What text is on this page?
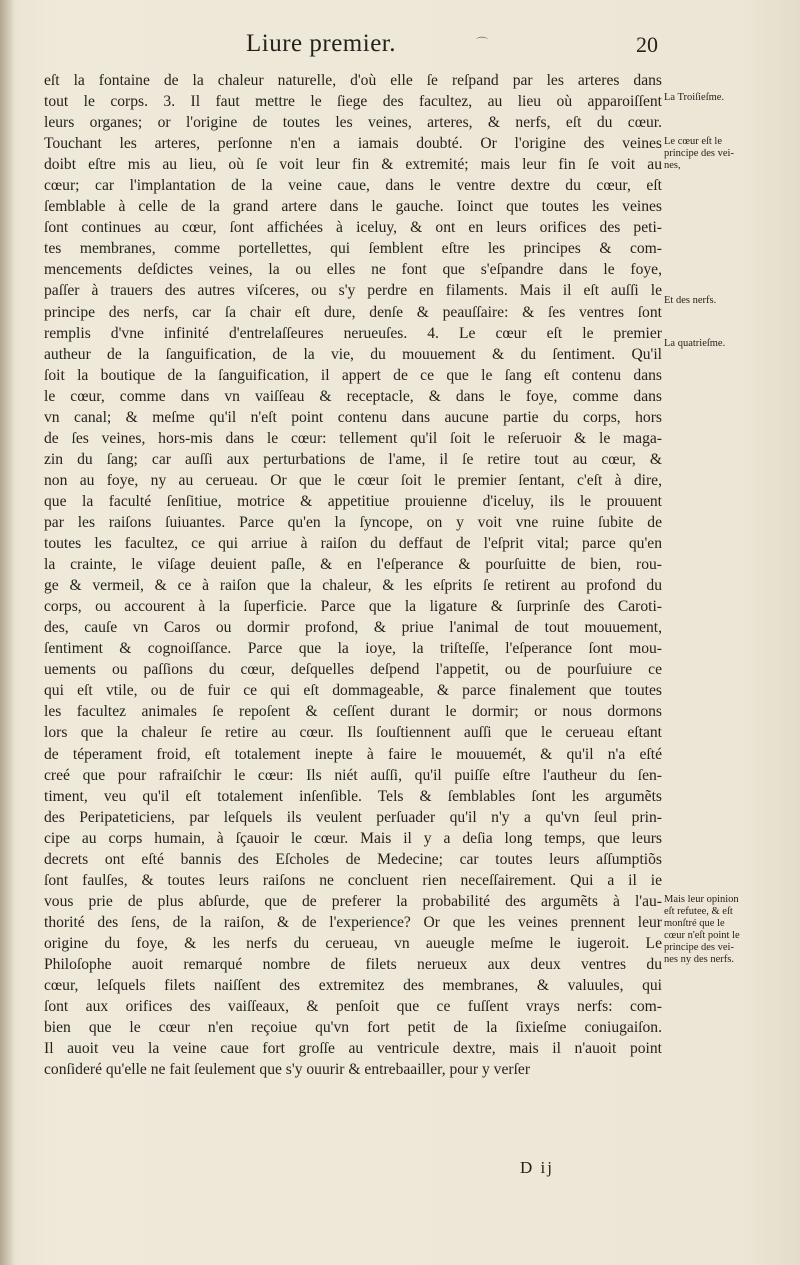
Liure premier.	20
eſt la fontaine de la chaleur naturelle, d'où elle ſe reſpand par les arteres dans
tout le corps. 3. Il faut mettre le ſiege des facultez, au lieu où apparoiſſent
leurs organes; or l'origine de toutes les veines, arteres, & nerfs, eſt du cœur.
Touchant les arteres, perſonne n'en a iamais doubté. Or l'origine des veines
doibt eſtre mis au lieu, où ſe voit leur fin & extremité; mais leur fin ſe voit au
cœur; car l'implantation de la veine caue, dans le ventre dextre du cœur, eſt
ſemblable à celle de la grand artere dans le gauche. Ioinct que toutes les veines
ſont continues au cœur, ſont affichées à iceluy, & ont en leurs orifices des peti-
tes membranes, comme portellettes, qui ſemblent eſtre les principes & com-
mencements deſdictes veines, la ou elles ne font que s'eſpandre dans le foye,
paſſer à trauers des autres viſceres, ou s'y perdre en filaments. Mais il eſt auſſi le
principe des nerfs, car ſa chair eſt dure, denſe & peauſſaire: & ſes ventres ſont
remplis d'vne infinité d'entrelaſſeures nerueuſes. 4. Le cœur eſt le premier
autheur de la ſanguification, de la vie, du mouuement & du ſentiment. Qu'il
ſoit la boutique de la ſanguification, il appert de ce que le ſang eſt contenu dans
le cœur, comme dans vn vaiſſeau & receptacle, & dans le foye, comme dans
vn canal; & meſme qu'il n'eſt point contenu dans aucune partie du corps, hors
de ſes veines, hors-mis dans le cœur: tellement qu'il ſoit le reſeruoir & le maga-
zin du ſang; car auſſi aux perturbations de l'ame, il ſe retire tout au cœur, &
non au foye, ny au cerueau. Or que le cœur ſoit le premier ſentant, c'eſt à dire,
que la faculté ſenſitiue, motrice & appetitiue prouienne d'iceluy, ils le prouuent
par les raiſons ſuiuantes. Parce qu'en la ſyncope, on y voit vne ruine ſubite de
toutes les facultez, ce qui arriue à raiſon du deffaut de l'eſprit vital; parce qu'en
la crainte, le viſage deuient paſle, & en l'eſperance & pourſuitte de bien, rou-
ge & vermeil, & ce à raiſon que la chaleur, & les eſprits ſe retirent au profond du
corps, ou accourent à la ſuperficie. Parce que la ligature & ſurprinſe des Caroti-
des, cauſe vn Caros ou dormir profond, & priue l'animal de tout mouuement,
ſentiment & cognoiſſance. Parce que la ioye, la triſteſſe, l'eſperance ſont mou-
uements ou paſſions du cœur, deſquelles deſpend l'appetit, ou de pourſuiure ce
qui eſt vtile, ou de fuir ce qui eſt dommageable, & parce finalement que toutes
les facultez animales ſe repoſent & ceſſent durant le dormir; or nous dormons
lors que la chaleur ſe retire au cœur. Ils ſouſtiennent auſſi que le cerueau eſtant
de téperament froid, eſt totalement inepte à faire le mouuemét, & qu'il n'a eſté
creé que pour rafraiſchir le cœur: Ils niét auſſi, qu'il puiſſe eſtre l'autheur du ſen-
timent, veu qu'il eſt totalement inſenſible. Tels & ſemblables ſont les argumẽts
des Peripateticiens, par leſquels ils veulent perſuader qu'il n'y a qu'vn ſeul prin-
cipe au corps humain, à ſçauoir le cœur. Mais il y a deſia long temps, que leurs
decrets ont eſté bannis des Eſcholes de Medecine; car toutes leurs aſſumptiõs
ſont faulſes, & toutes leurs raiſons ne concluent rien neceſſairement. Qui a il ie
vous prie de plus abſurde, que de preferer la probabilité des argumẽts à l'au-
thorité des ſens, de la raiſon, & de l'experience? Or que les veines prennent leur
origine du foye, & les nerfs du cerueau, vn aueugle meſme le iugeroit. Le
Philoſophe auoit remarqué nombre de filets nerueux aux deux ventres du
cœur, leſquels filets naiſſent des extremitez des membranes, & valuules, qui
ſont aux orifices des vaiſſeaux, & penſoit que ce fuſſent vrays nerfs: com-
bien que le cœur n'en reçoiue qu'vn fort petit de la ſixieſme coniugaiſon.
Il auoit veu la veine caue fort groſſe au ventricule dextre, mais il n'auoit point
conſideré qu'elle ne fait ſeulement que s'y ouurir & entrebaailler, pour y verſer
La Troiſieſme.
Le cœur eſt le
principe des vei-
nes,
Et des nerfs.
La quatrieſme.
Mais leur opinion
eſt refutee, & eſt
monſtré que le
cœur n'eſt point le
principe des vei-
nes ny des nerfs.
D ij
⌒
